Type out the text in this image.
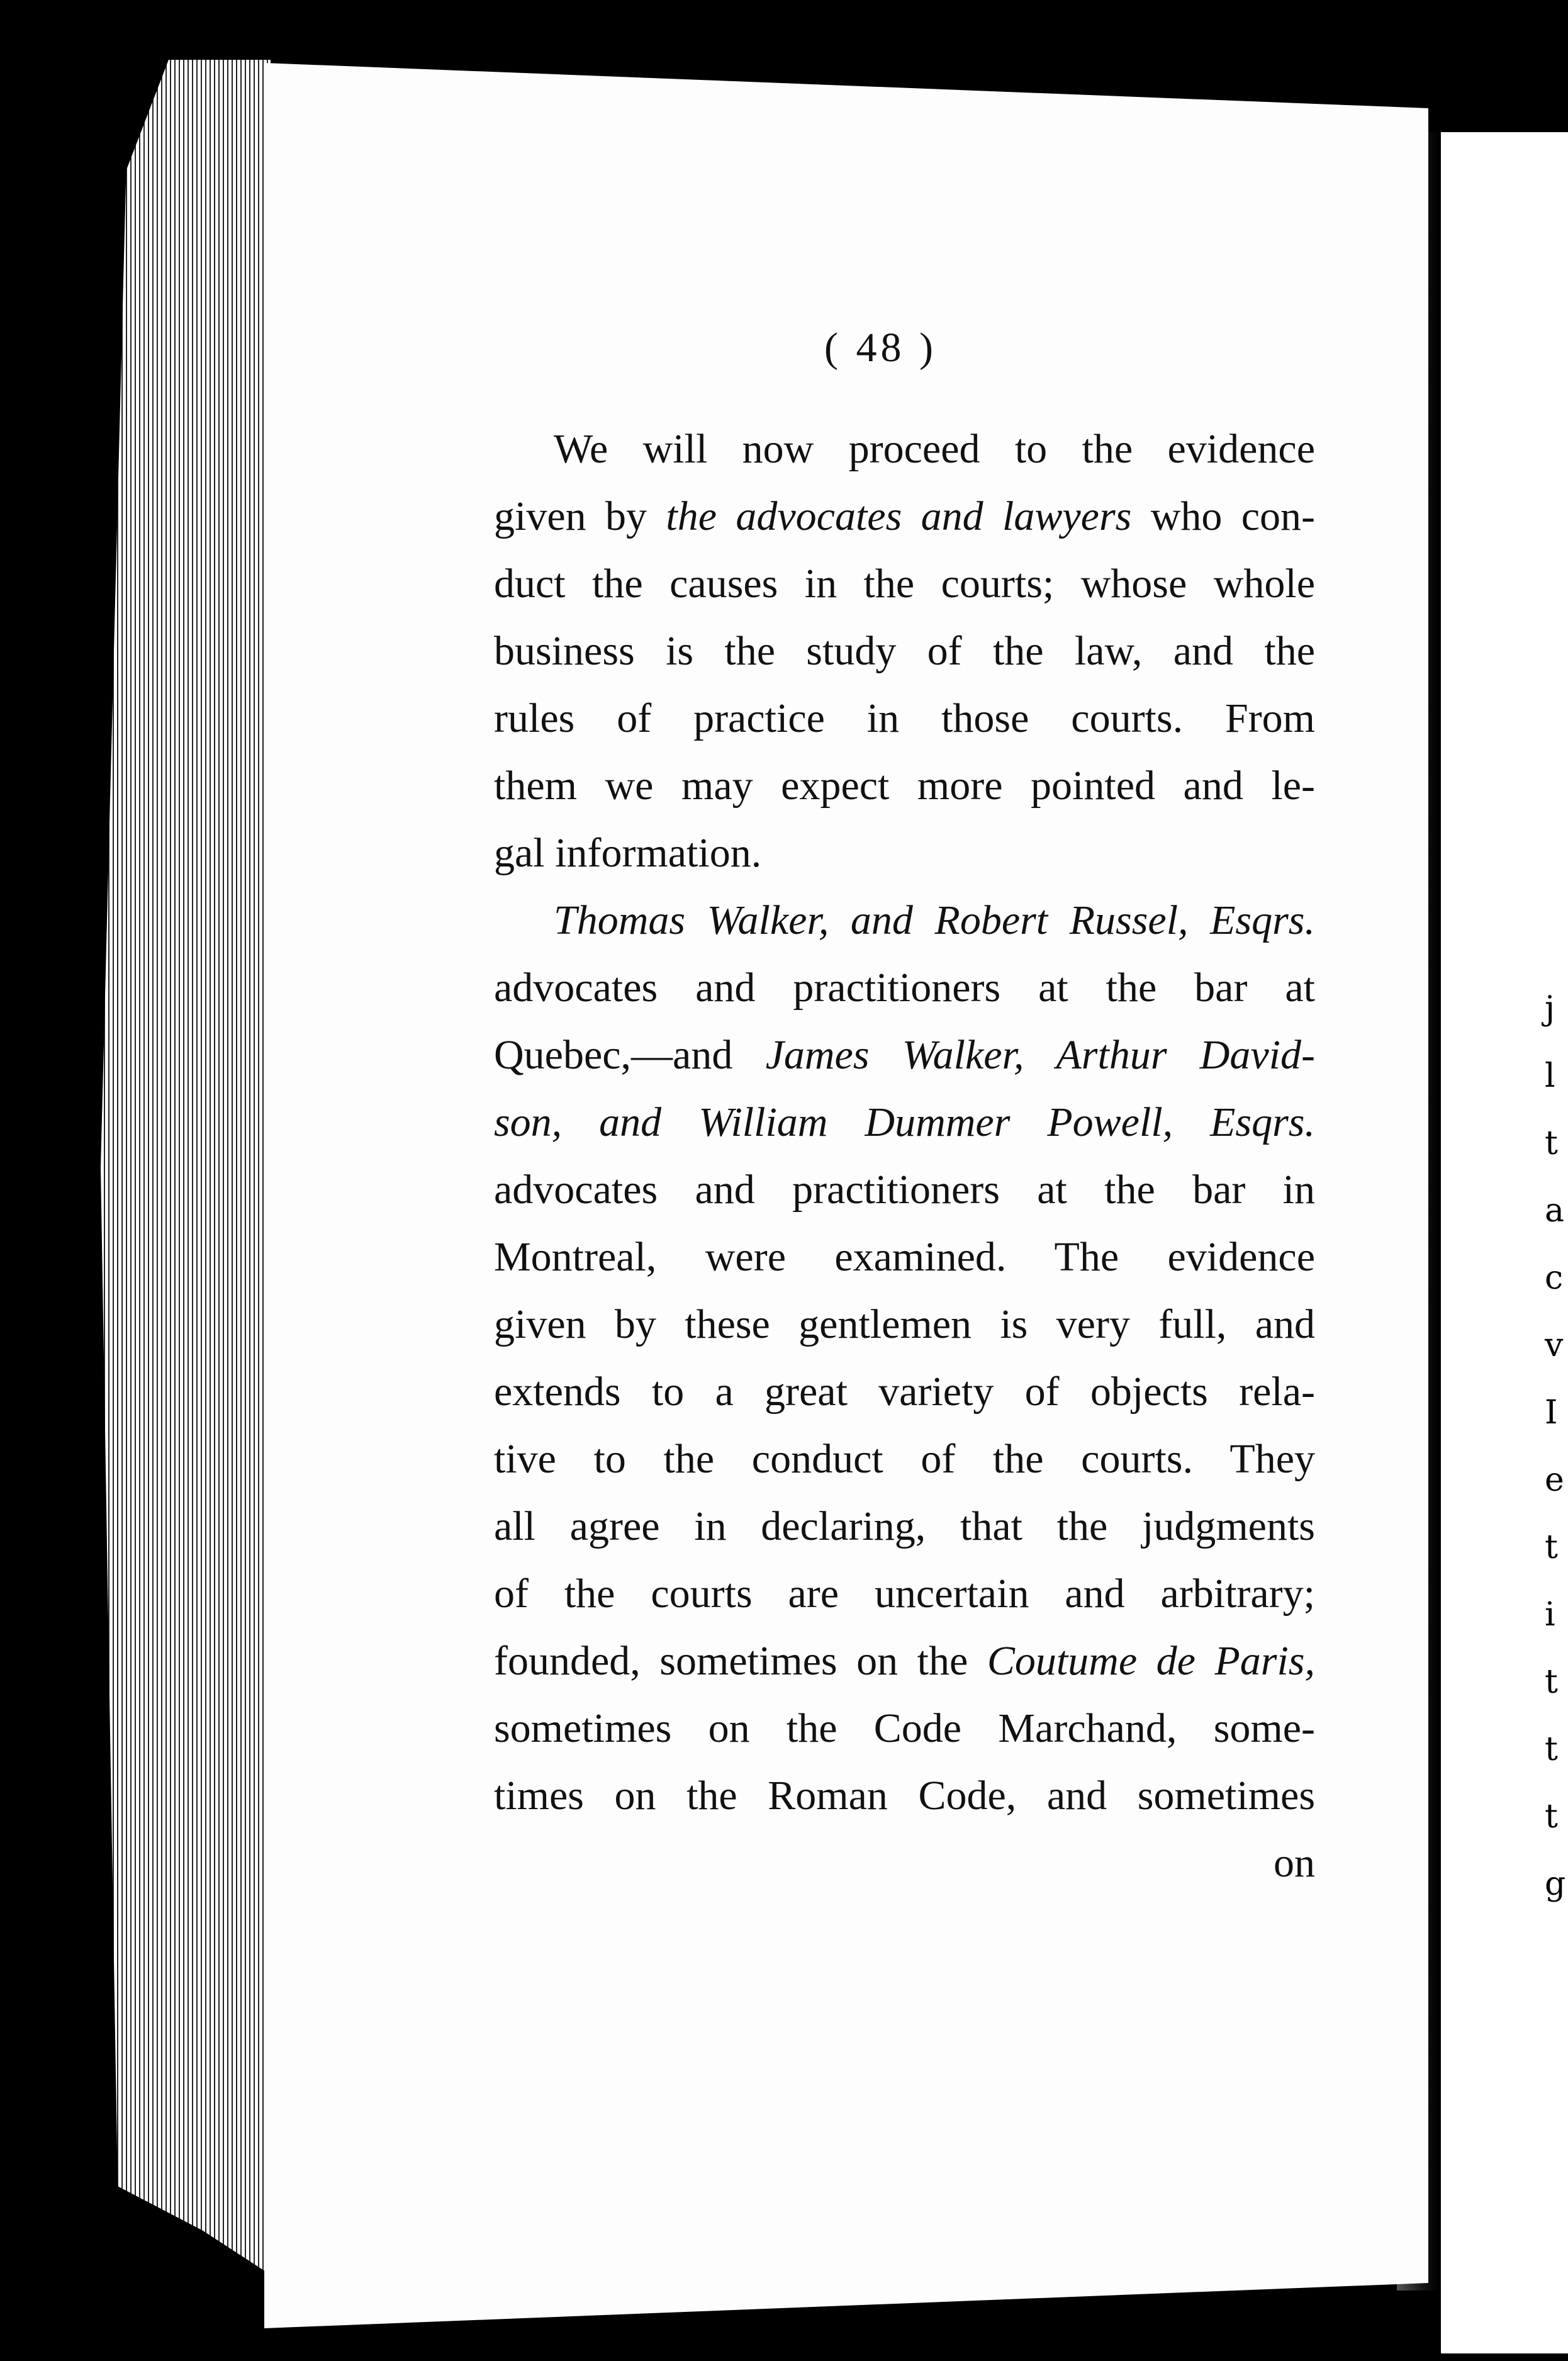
j
l
t
a
c
v
I
e
t
i
t
t
t
g
( 48 )
We will now proceed to the evidence
given by the advocates and lawyers who con-
duct the causes in the courts; whose whole
business is the study of the law, and the
rules of practice in those courts. From
them we may expect more pointed and le-
gal information.
Thomas Walker, and Robert Russel, Esqrs.
advocates and practitioners at the bar at
Quebec,—and James Walker, Arthur David-
son, and William Dummer Powell, Esqrs.
advocates and practitioners at the bar in
Montreal, were examined. The evidence
given by these gentlemen is very full, and
extends to a great variety of objects rela-
tive to the conduct of the courts. They
all agree in declaring, that the judgments
of the courts are uncertain and arbitrary;
founded, sometimes on the Coutume de Paris,
sometimes on the Code Marchand, some-
times on the Roman Code, and sometimes
on
